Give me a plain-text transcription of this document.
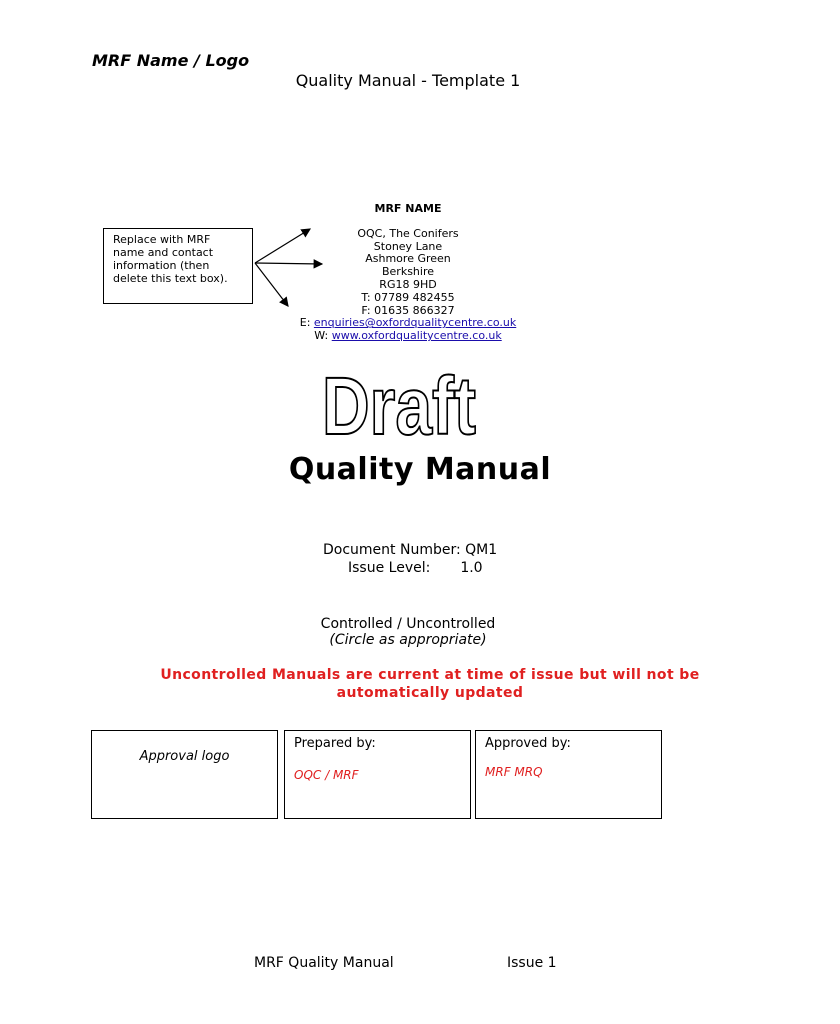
MRF Name / Logo
Quality Manual - Template 1
Replace with MRF name and contact information (then delete this text box).
MRF NAME
OQC, The Conifers
Stoney Lane
Ashmore Green
Berkshire
RG18 9HD
T: 07789 482455
F: 01635 866327
E: enquiries@oxfordqualitycentre.co.uk
W: www.oxfordqualitycentre.co.uk
Draft
Quality Manual
Document Number: QM1
Issue Level: 1.0
Controlled / Uncontrolled
(Circle as appropriate)
Uncontrolled Manuals are current at time of issue but will not be automatically updated
Approval logo
Prepared by:
OQC / MRF
Approved by:
MRF MRQ
MRF Quality Manual	Issue 1
